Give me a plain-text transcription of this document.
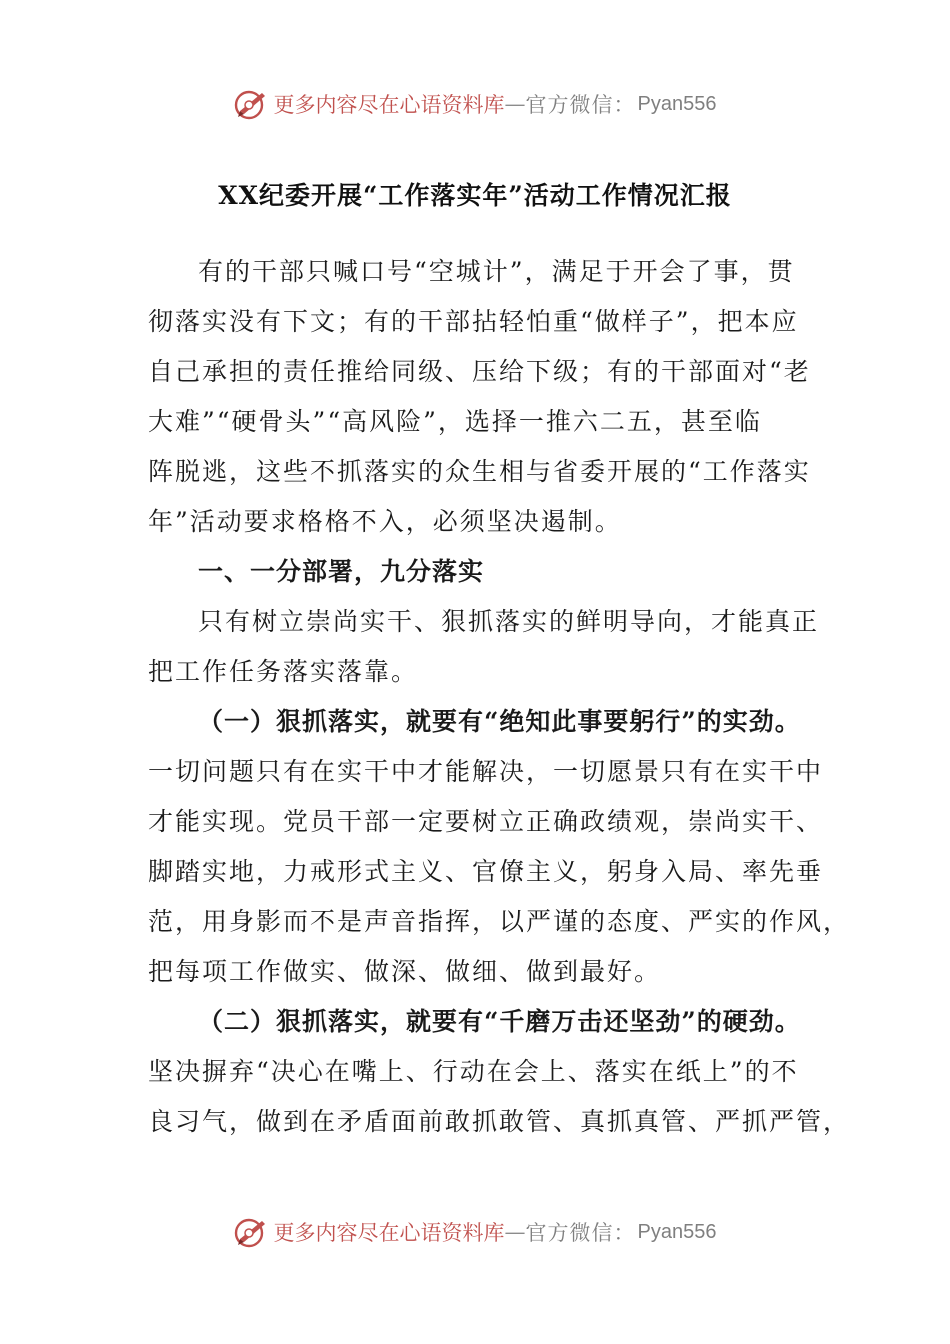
更多内容尽在心语资料库 — 官方微信： Pyan556
XX纪委开展“工作落实年”活动工作情况汇报
有的干部只喊口号“空城计”，满足于开会了事，贯
彻落实没有下文；有的干部拈轻怕重“做样子”，把本应
自己承担的责任推给同级、压给下级；有的干部面对“老
大难”“硬骨头”“高风险”，选择一推六二五，甚至临
阵脱逃，这些不抓落实的众生相与省委开展的“工作落实
年”活动要求格格不入，必须坚决遏制。
一、一分部署，九分落实
只有树立崇尚实干、狠抓落实的鲜明导向，才能真正
把工作任务落实落靠。
（一）狠抓落实，就要有“绝知此事要躬行”的实劲。
一切问题只有在实干中才能解决，一切愿景只有在实干中
才能实现。党员干部一定要树立正确政绩观，崇尚实干、
脚踏实地，力戒形式主义、官僚主义，躬身入局、率先垂
范，用身影而不是声音指挥，以严谨的态度、严实的作风，
把每项工作做实、做深、做细、做到最好。
（二）狠抓落实，就要有“千磨万击还坚劲”的硬劲。
坚决摒弃“决心在嘴上、行动在会上、落实在纸上”的不
良习气，做到在矛盾面前敢抓敢管、真抓真管、严抓严管，
更多内容尽在心语资料库 — 官方微信： Pyan556
